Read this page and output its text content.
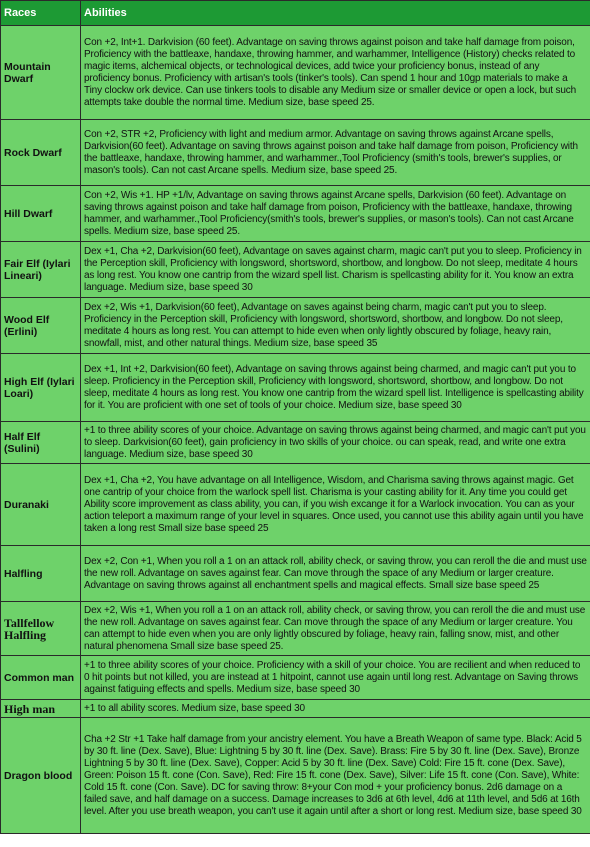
Races	Abilities
Mountain Dwarf	Con +2, Int+1. Darkvision (60 feet). Advantage on saving throws against poison and take half damage from poison, Proficiency with the battleaxe, handaxe, throwing hammer, and warhammer, Intelligence (History) checks related to magic items, alchemical objects, or technological devices, add twice your proficiency bonus, instead of any proficiency bonus. Proficiency with artisan's tools (tinker's tools). Can spend 1 hour and 10gp materials to make a Tiny clockw ork device. Can use tinkers tools to disable any Medium size or smaller device or open a lock, but such attempts take double the normal time. Medium size, base speed 25.
Rock Dwarf	Con +2, STR +2, Proficiency with light and medium armor. Advantage on saving throws against Arcane spells, Darkvision(60 feet). Advantage on saving throws against poison and take half damage from poison, Proficiency with the battleaxe, handaxe, throwing hammer, and warhammer.,Tool Proficiency (smith's tools, brewer's supplies, or mason's tools). Can not cast Arcane spells. Medium size, base speed 25.
Hill Dwarf	Con +2, Wis +1. HP +1/lv, Advantage on saving throws against Arcane spells, Darkvision (60 feet). Advantage on saving throws against poison and take half damage from poison, Proficiency with the battleaxe, handaxe, throwing hammer, and warhammer.,Tool Proficiency(smith's tools, brewer's supplies, or mason's tools). Can not cast Arcane spells. Medium size, base speed 25.
Fair Elf (Iylari Lineari)	Dex +1, Cha +2, Darkvision(60 feet), Advantage on saves against charm, magic can't put you to sleep. Proficiency in the Perception skill, Proficiency with longsword, shortsword, shortbow, and longbow. Do not sleep, meditate 4 hours as long rest. You know one cantrip from the wizard spell list. Charism is spellcasting ability for it. You know an extra language. Medium size, base speed 30
Wood Elf (Erlini)	Dex +2, Wis +1, Darkvision(60 feet), Advantage on saves against being charm, magic can't put you to sleep. Proficiency in the Perception skill, Proficiency with longsword, shortsword, shortbow, and longbow. Do not sleep, meditate 4 hours as long rest. You can attempt to hide even when only lightly obscured by foliage, heavy rain, snowfall, mist, and other natural things. Medium size, base speed 35
High Elf (Iylari Loari)	Dex +1, Int +2, Darkvision(60 feet), Advantage on saving throws against being charmed, and magic can't put you to sleep. Proficiency in the Perception skill, Proficiency with longsword, shortsword, shortbow, and longbow. Do not sleep, meditate 4 hours as long rest. You know one cantrip from the wizard spell list. Intelligence is spellcasting ability for it. You are proficient with one set of tools of your choice. Medium size, base speed 30
Half Elf (Sulini)	+1 to three ability scores of your choice. Advantage on saving throws against being charmed, and magic can't put you to sleep. Darkvision(60 feet), gain proficiency in two skills of your choice. ou can speak, read, and write one extra language. Medium size, base speed 30
Duranaki	Dex +1, Cha +2, You have advantage on all Intelligence, Wisdom, and Charisma saving throws against magic. Get one cantrip of your choice from the warlock spell list. Charisma is your casting ability for it. Any time you could get Ability score improvement as class ability, you can, if you wish excange it for a Warlock invocation. You can as your action teleport a maximum range of your level in squares. Once used, you cannot use this ability again until you have taken a long rest Small size base speed 25
Halfling	Dex +2, Con +1, When you roll a 1 on an attack roll, ability check, or saving throw, you can reroll the die and must use the new roll. Advantage on saves against fear. Can move through the space of any Medium or larger creature. Advantage on saving throws against all enchantment spells and magical effects. Small size base speed 25
Tallfellow Halfling	Dex +2, Wis +1, When you roll a 1 on an attack roll, ability check, or saving throw, you can reroll the die and must use the new roll. Advantage on saves against fear. Can move through the space of any Medium or larger creature. You can attempt to hide even when you are only lightly obscured by foliage, heavy rain, falling snow, mist, and other natural phenomena Small size base speed 25.
Common man	+1 to three ability scores of your choice. Proficiency with a skill of your choice. You are recilient and when reduced to 0 hit points but not killed, you are instead at 1 hitpoint, cannot use again until long rest. Advantage on Saving throws against fatiguing effects and spells. Medium size, base speed 30
High man	+1 to all ability scores. Medium size, base speed 30
Dragon blood	Cha +2 Str +1 Take half damage from your ancistry element. You have a Breath Weapon of same type. Black: Acid 5 by 30 ft. line (Dex. Save), Blue: Lightning 5 by 30 ft. line (Dex. Save). Brass: Fire 5 by 30 ft. line (Dex. Save), Bronze Lightning 5 by 30 ft. line (Dex. Save), Copper: Acid 5 by 30 ft. line (Dex. Save) Cold: Fire 15 ft. cone (Dex. Save), Green: Poison 15 ft. cone (Con. Save), Red: Fire 15 ft. cone (Dex. Save), Silver: Life 15 ft. cone (Con. Save), White: Cold 15 ft. cone (Con. Save). DC for saving throw: 8+your Con mod + your proficiency bonus. 2d6 damage on a failed save, and half damage on a success. Damage increases to 3d6 at 6th level, 4d6 at 11th level, and 5d6 at 16th level. After you use breath weapon, you can't use it again until after a short or long rest. Medium size, base speed 30
